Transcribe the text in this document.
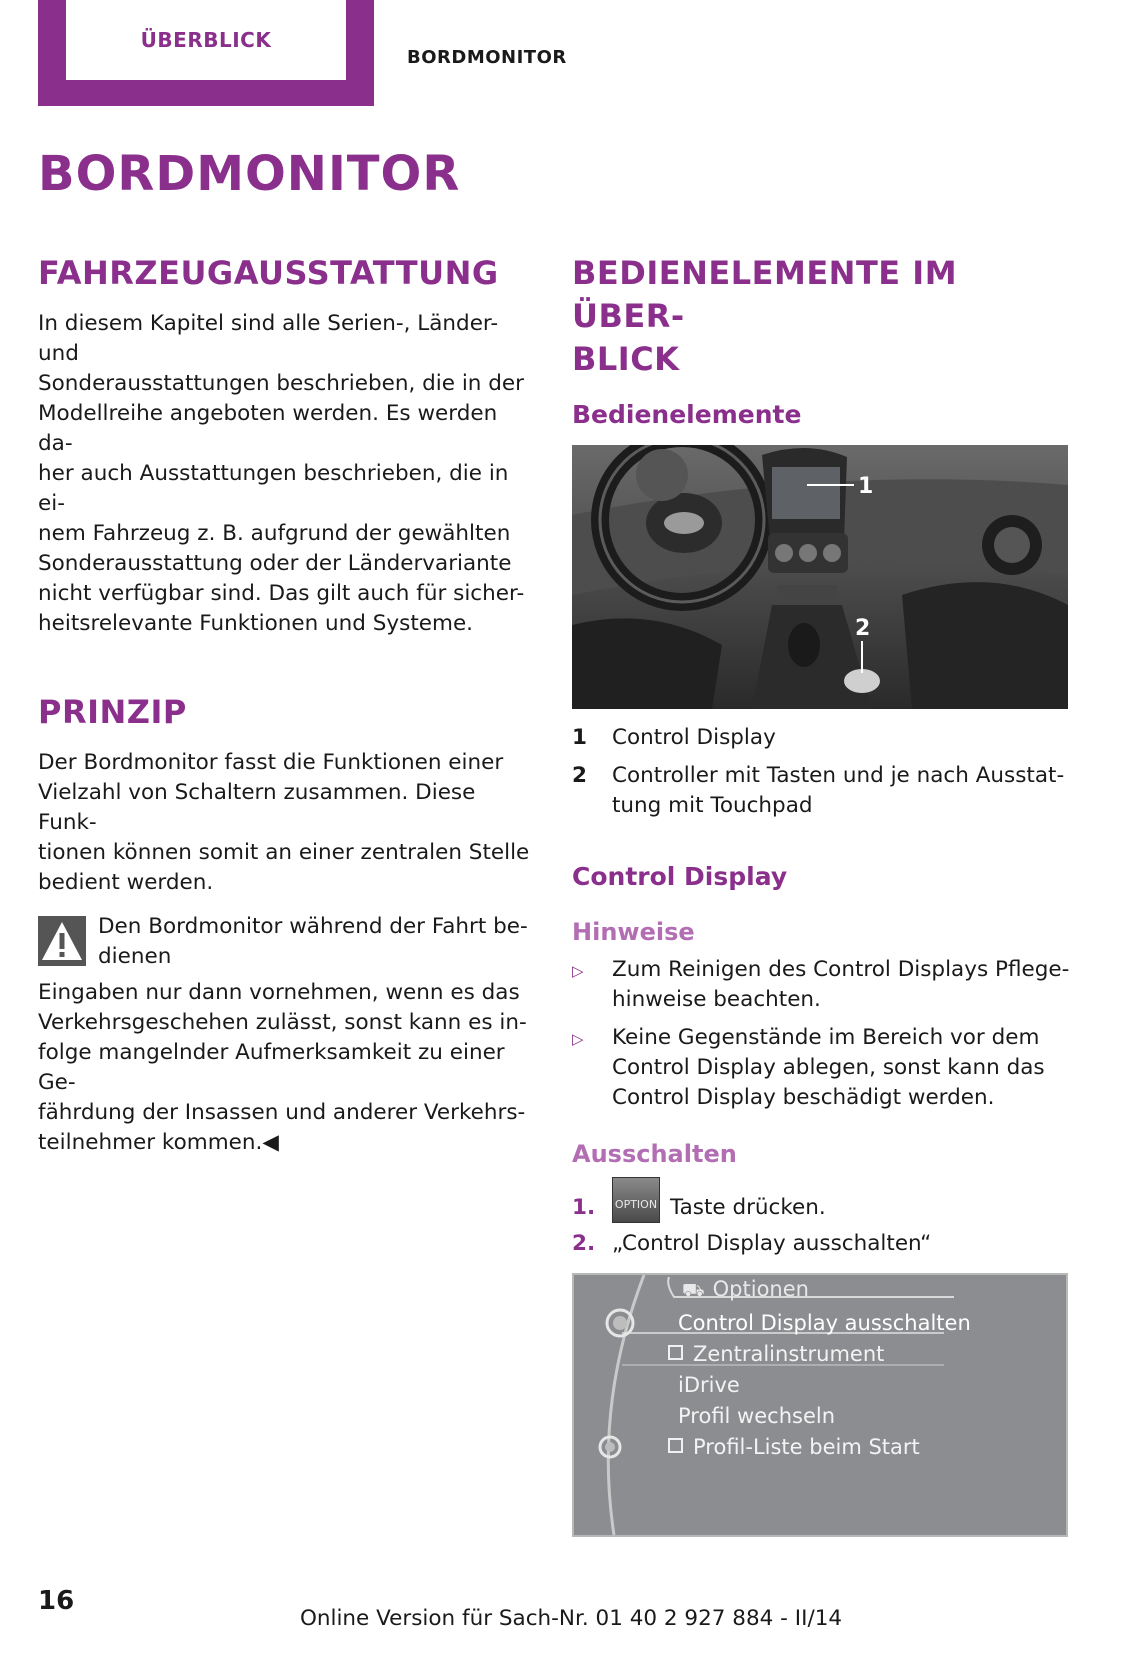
ÜBERBLICK
BORDMONITOR
BORDMONITOR
FAHRZEUGAUSSTATTUNG

In diesem Kapitel sind alle Serien-, Länder- und

Sonderausstattungen beschrieben, die in der

Modellreihe angeboten werden. Es werden da-

her auch Ausstattungen beschrieben, die in ei-

nem Fahrzeug z. B. aufgrund der gewählten

Sonderausstattung oder der Ländervariante

nicht verfügbar sind. Das gilt auch für sicher-

heitsrelevante Funktionen und Systeme.

PRINZIP

Der Bordmonitor fasst die Funktionen einer

Vielzahl von Schaltern zusammen. Diese Funk-

tionen können somit an einer zentralen Stelle

bedient werden.

Den Bordmonitor während der Fahrt be-

dienen

Eingaben nur dann vornehmen, wenn es das

Verkehrsgeschehen zulässt, sonst kann es in-

folge mangelnder Aufmerksamkeit zu einer Ge-

fährdung der Insassen und anderer Verkehrs-

teilnehmer kommen.◀

BEDIENELEMENTE IM ÜBER-
BLICK
Bedienelemente
1
2
1	Control Display
2	Controller mit Tasten und je nach Ausstat-
tung mit Touchpad
Control Display
Hinweise
▷	Zum Reinigen des Control Displays Pflege-
hinweise beachten.
▷	Keine Gegenstände im Bereich vor dem
Control Display ablegen, sonst kann das
Control Display beschädigt werden.
Ausschalten
1.	OPTION Taste drücken.
2. „Control Display ausschalten“
⛟ Optionen
Control Display ausschalten
Zentralinstrument
iDrive
Profil wechseln
Profil-Liste beim Start
16
Online Version für Sach-Nr. 01 40 2 927 884 - II/14
